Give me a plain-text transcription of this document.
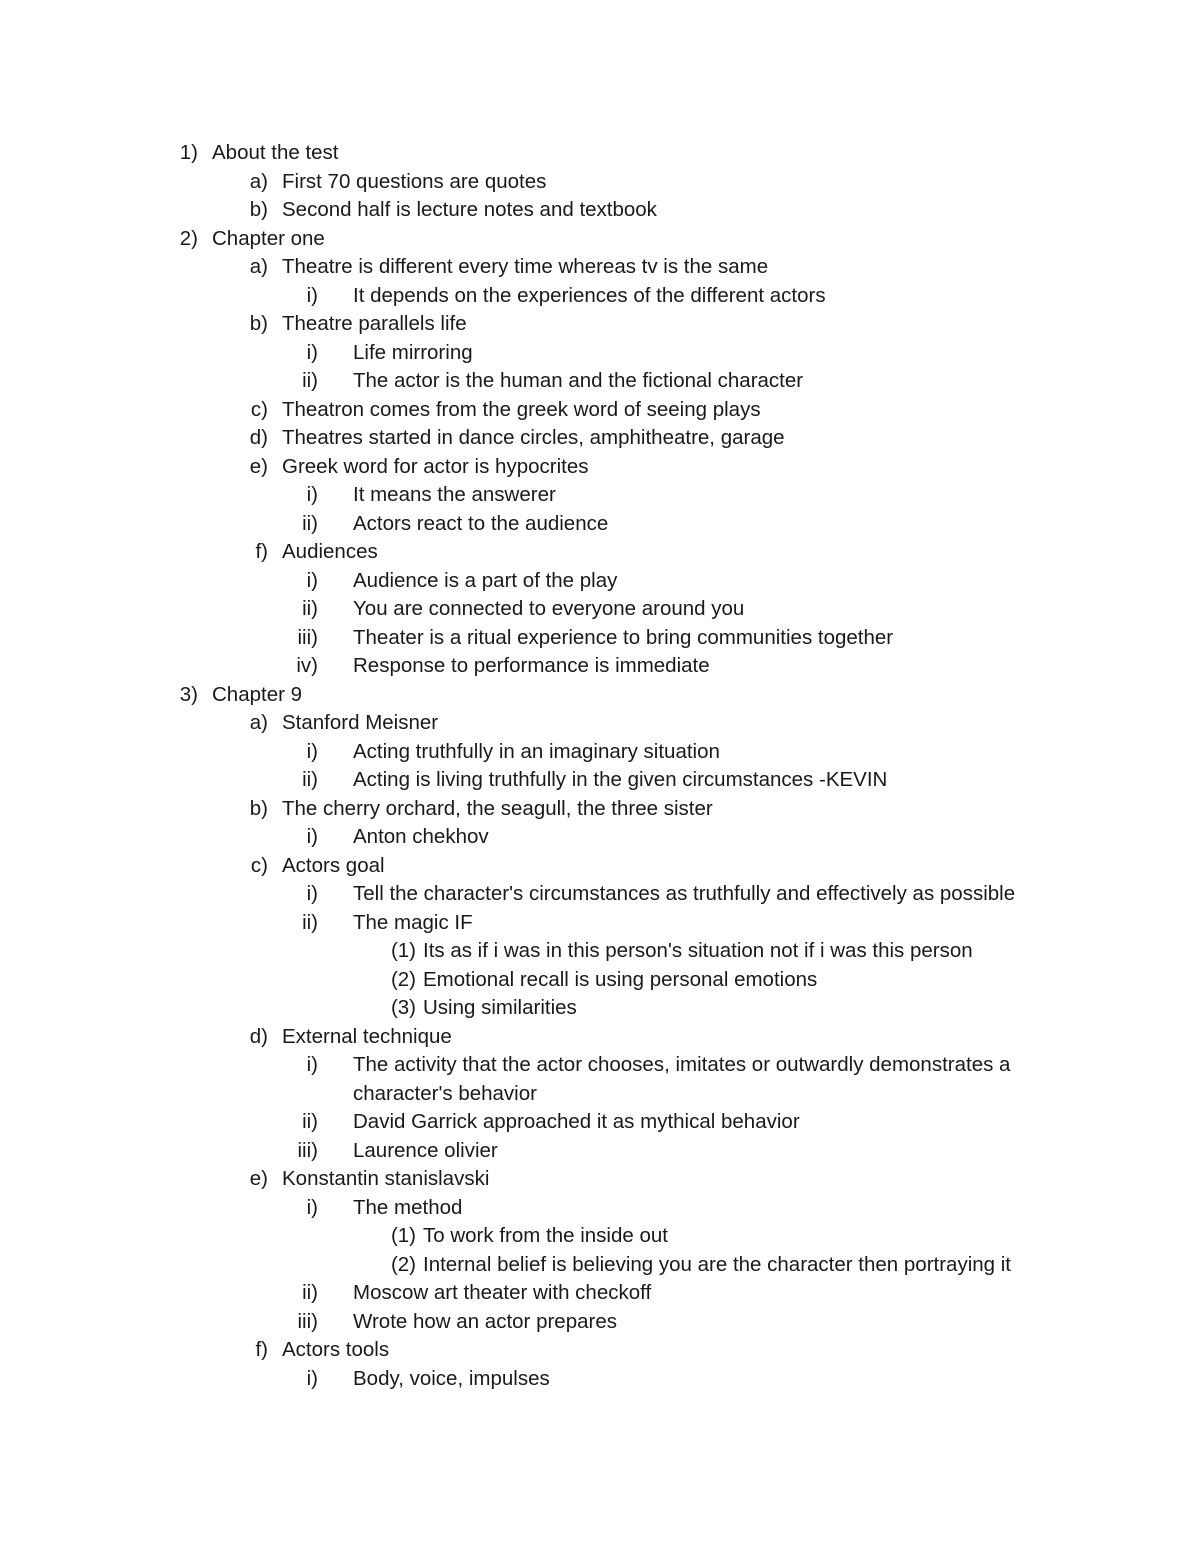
1) About the test
a) First 70 questions are quotes
b) Second half is lecture notes and textbook
2) Chapter one
a) Theatre is different every time whereas tv is the same
i) It depends on the experiences of the different actors
b) Theatre parallels life
i) Life mirroring
ii) The actor is the human and the fictional character
c) Theatron comes from the greek word of seeing plays
d) Theatres started in dance circles, amphitheatre, garage
e) Greek word for actor is hypocrites
i) It means the answerer
ii) Actors react to the audience
f) Audiences
i) Audience is a part of the play
ii) You are connected to everyone around you
iii) Theater is a ritual experience to bring communities together
iv) Response to performance is immediate
3) Chapter 9
a) Stanford Meisner
i) Acting truthfully in an imaginary situation
ii) Acting is living truthfully in the given circumstances -KEVIN
b) The cherry orchard, the seagull, the three sister
i) Anton chekhov
c) Actors goal
i) Tell the character's circumstances as truthfully and effectively as possible
ii) The magic IF
(1) Its as if i was in this person's situation not if i was this person
(2) Emotional recall is using personal emotions
(3) Using similarities
d) External technique
i) The activity that the actor chooses, imitates or outwardly demonstrates a character's behavior
ii) David Garrick approached it as mythical behavior
iii) Laurence olivier
e) Konstantin stanislavski
i) The method
(1) To work from the inside out
(2) Internal belief is believing you are the character then portraying it
ii) Moscow art theater with checkoff
iii) Wrote how an actor prepares
f) Actors tools
i) Body, voice, impulses
